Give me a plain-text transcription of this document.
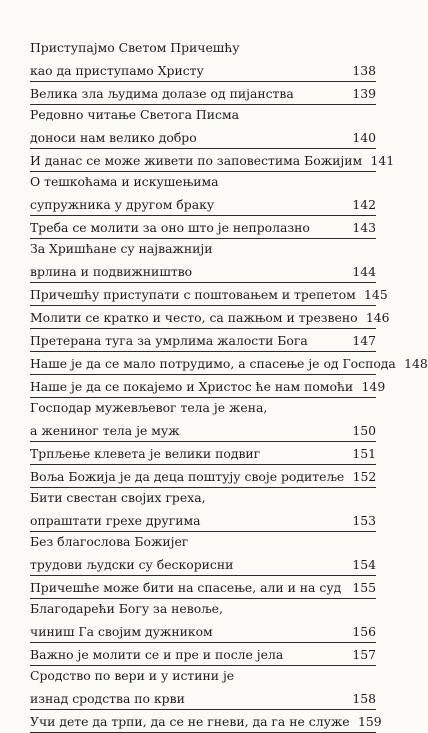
Приступајмо Светом Причешћу
као да приступамо Христу	138
Велика зла људима долазе од пијанства	139
Редовно читање Светога Писма
доноси нам велико добро	140
И данас се може живети по заповестима Божијим 141
О тешкоћама и искушењима
супружника у другом браку	142
Треба се молити за оно што је непролазно	143
За Хришћане су најважнији
врлина и подвижништво	144
Причешћу приступати с поштовањем и трепетом 145
Молити се кратко и често, са пажњом и трезвено 146
Претерана туга за умрлима жалости Бога	147
Наше је да се мало потрудимо, а спасење је од Господа 148
Наше је да се покајемо и Христос ће нам помоћи 149
Господар мужевљевог тела је жена,
а жениног тела је муж	150
Трпљење клевета је велики подвиг	151
Воља Божија је да деца поштују своје родитеље 152
Бити свестан својих греха,
опраштати грехе другима	153
Без благослова Божијег
трудови људски су бескорисни	154
Причешће може бити на спасење, али и на суд 155
Благодарећи Богу за невоље,
чиниш Га својим дужником	156
Важно је молити се и пре и после јела	157
Сродство по вери и у истини је
изнад сродства по крви	158
Учи дете да трпи, да се не гневи, да га не служе 159
